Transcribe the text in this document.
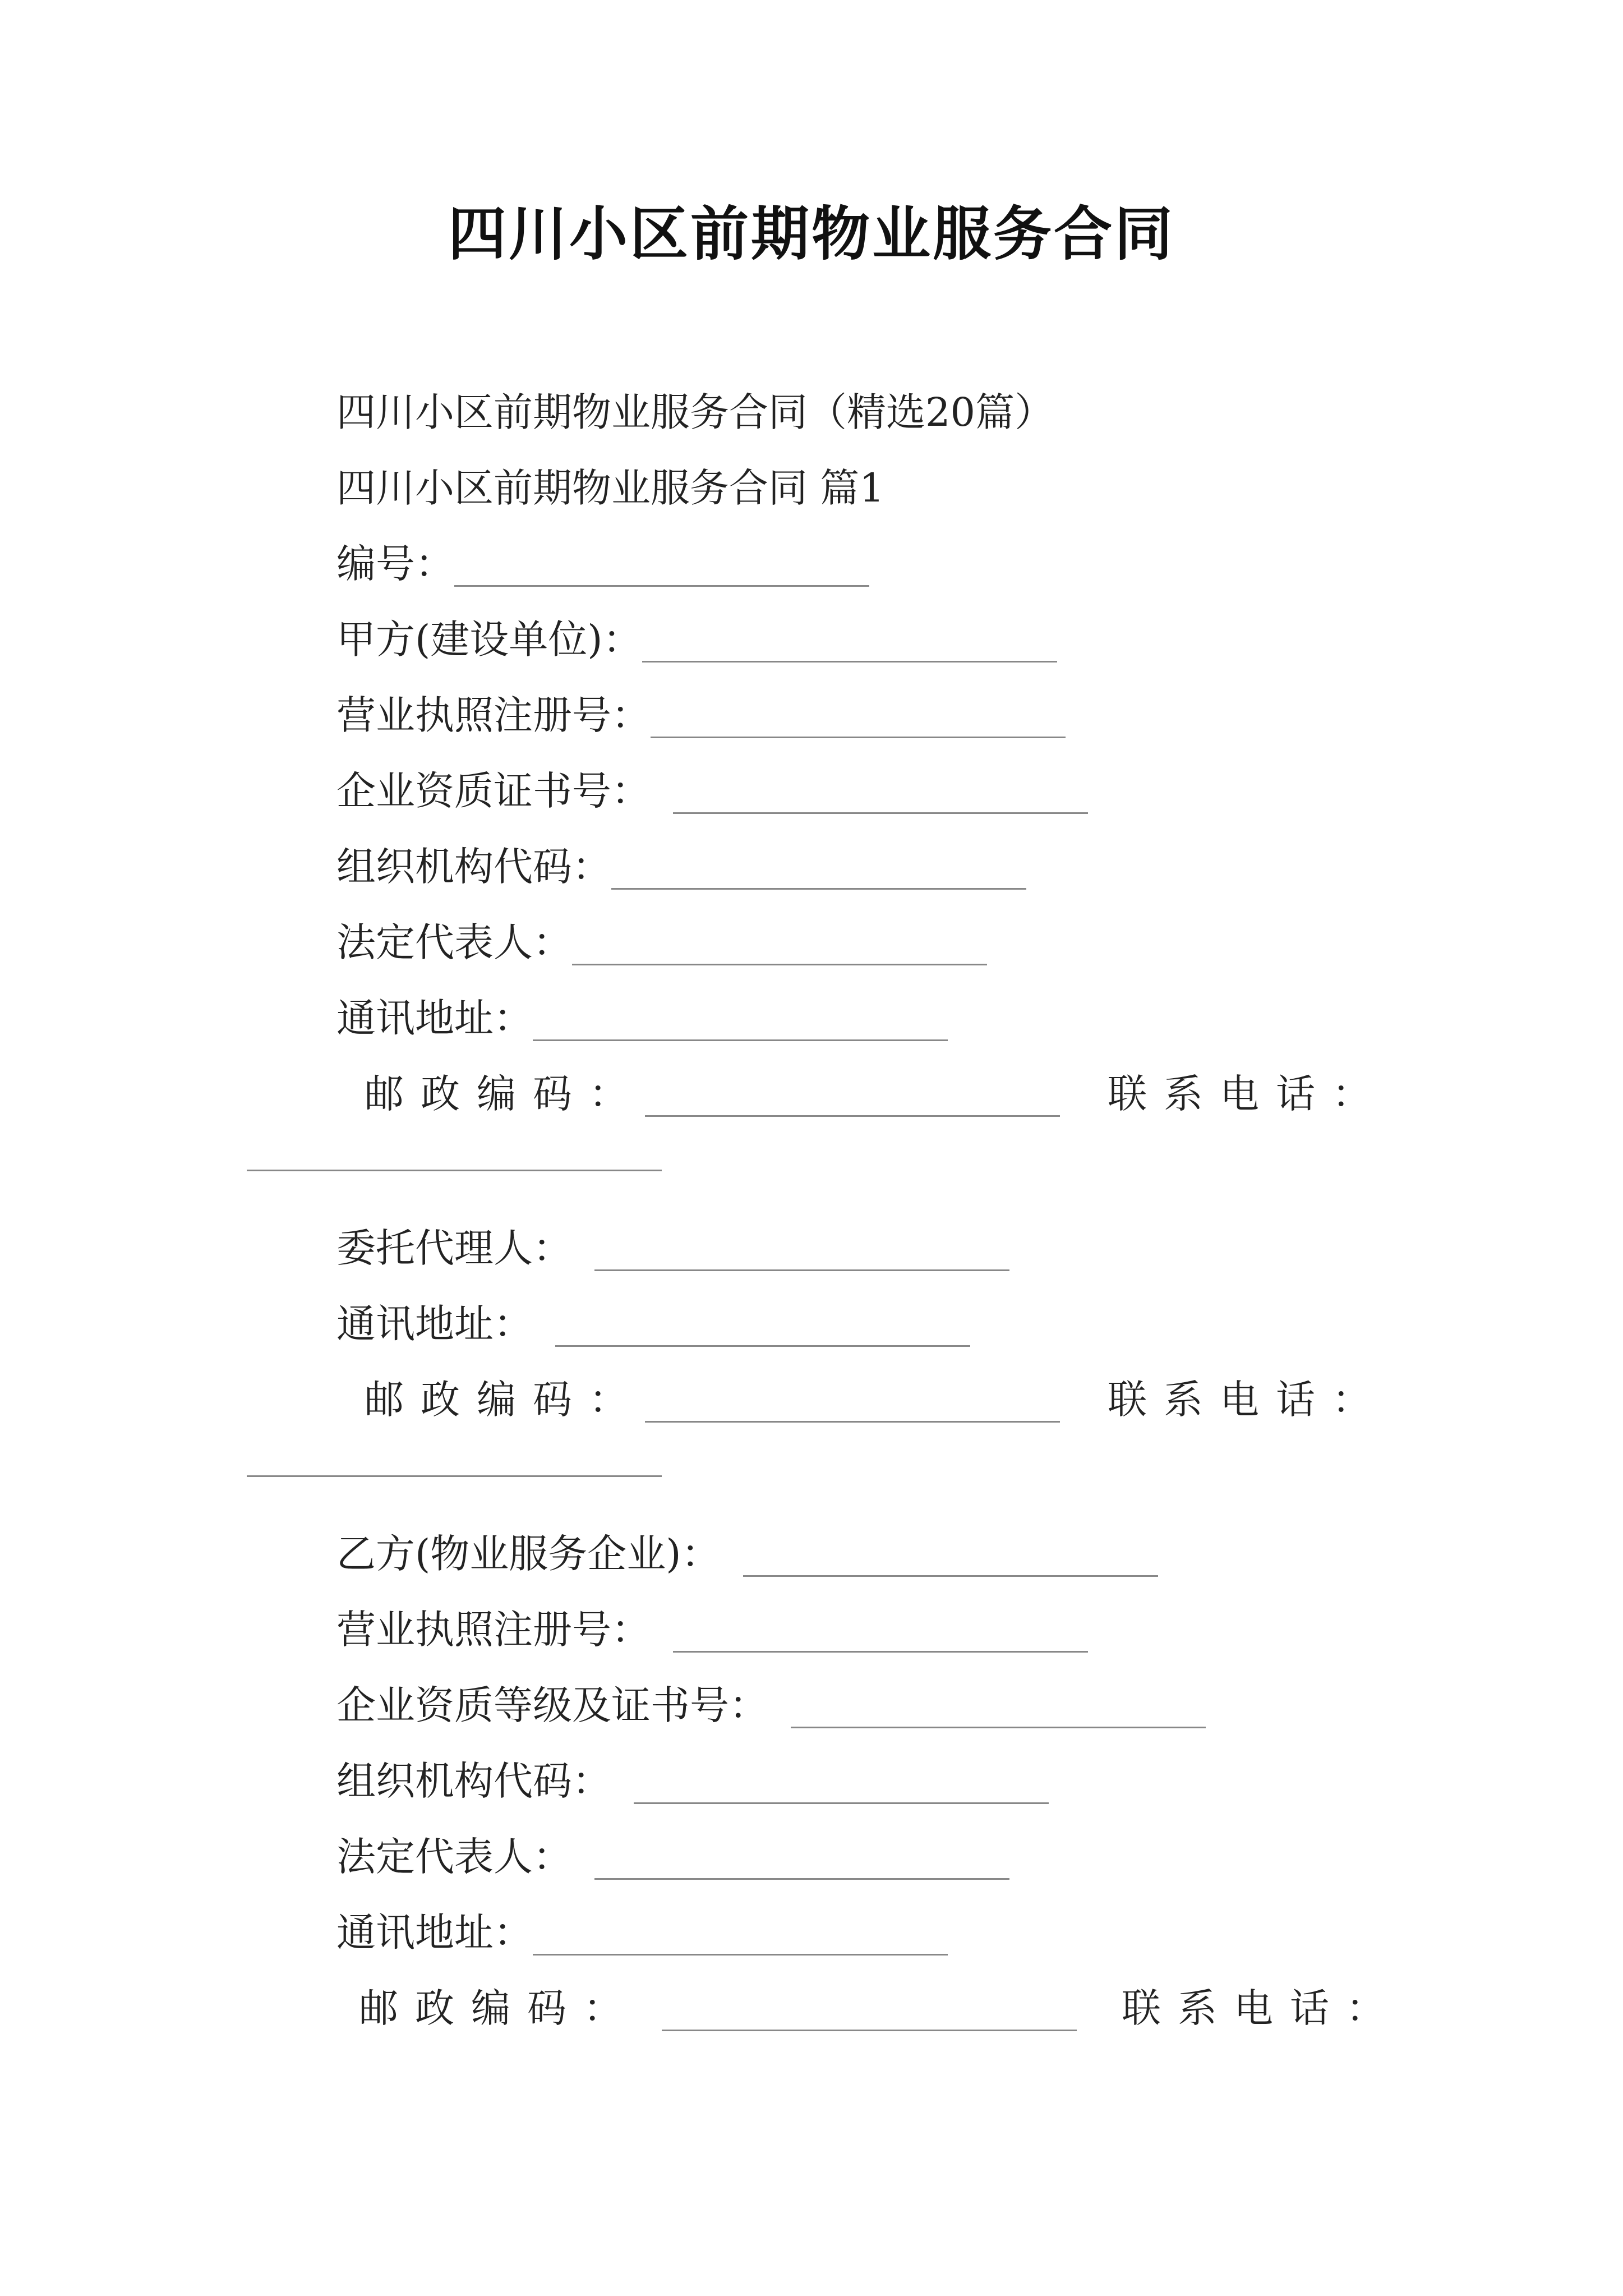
四川小区前期物业服务合同
四川小区前期物业服务合同（精选20篇）
四川小区前期物业服务合同 篇1
编号：
甲方(建设单位)：
营业执照注册号：
企业资质证书号：
组织机构代码：
法定代表人：
通讯地址：
邮政编码：	联系电话：
委托代理人：
通讯地址：
邮政编码：	联系电话：
乙方(物业服务企业)：
营业执照注册号：
企业资质等级及证书号：
组织机构代码：
法定代表人：
通讯地址：
邮政编码：	联系电话：
